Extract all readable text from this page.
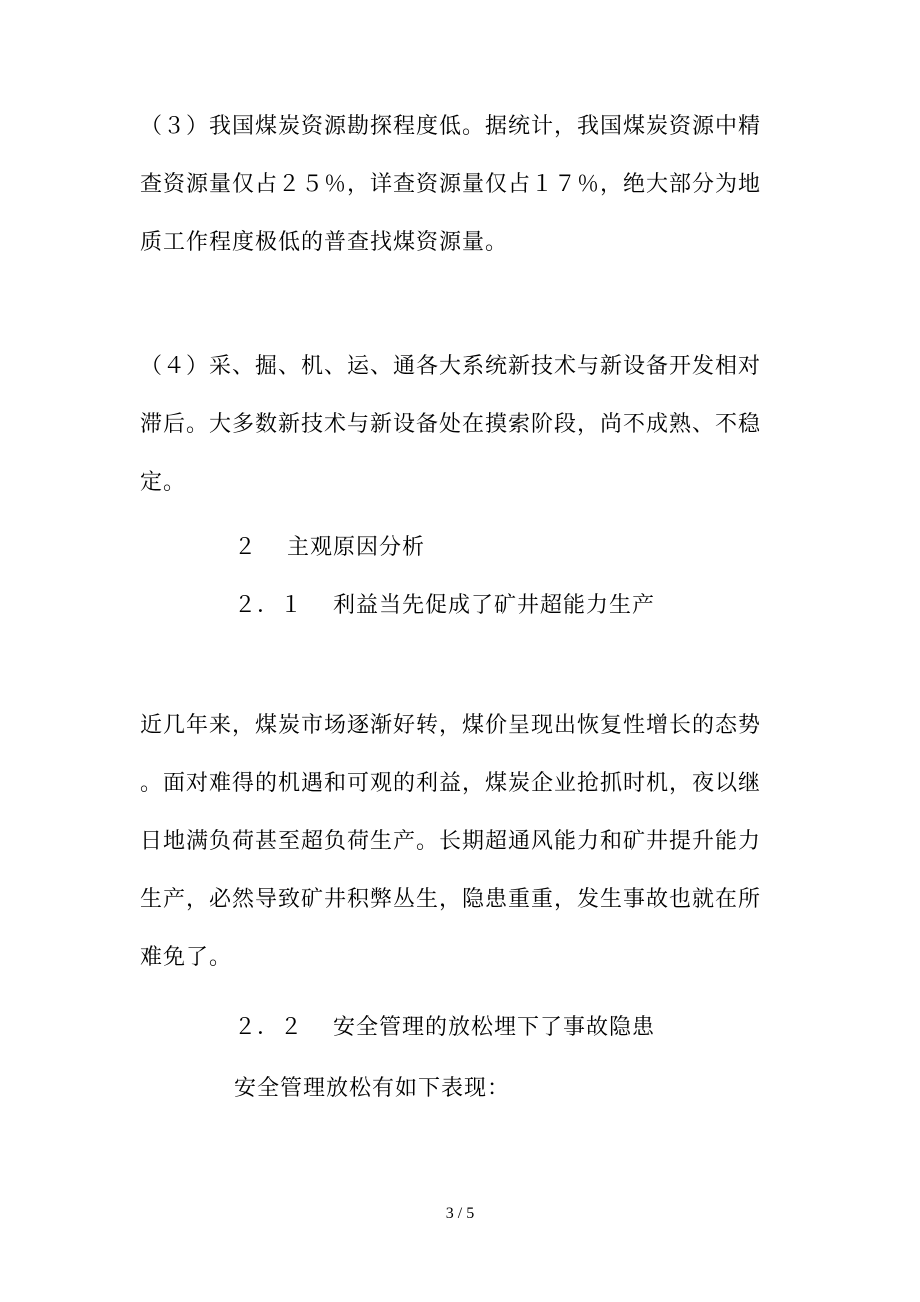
（３）我国煤炭资源勘探程度低。据统计，我国煤炭资源中精
查资源量仅占２５％，详查资源量仅占１７％，绝大部分为地
质工作程度极低的普查找煤资源量。
（４）采、掘、机、运、通各大系统新技术与新设备开发相对
滞后。大多数新技术与新设备处在摸索阶段，尚不成熟、不稳
定。
２ 主观原因分析
２．１ 利益当先促成了矿井超能力生产
近几年来，煤炭市场逐渐好转，煤价呈现出恢复性增长的态势
。面对难得的机遇和可观的利益，煤炭企业抢抓时机，夜以继
日地满负荷甚至超负荷生产。长期超通风能力和矿井提升能力
生产，必然导致矿井积弊丛生，隐患重重，发生事故也就在所
难免了。
２．２ 安全管理的放松埋下了事故隐患
安全管理放松有如下表现：
3 / 5
